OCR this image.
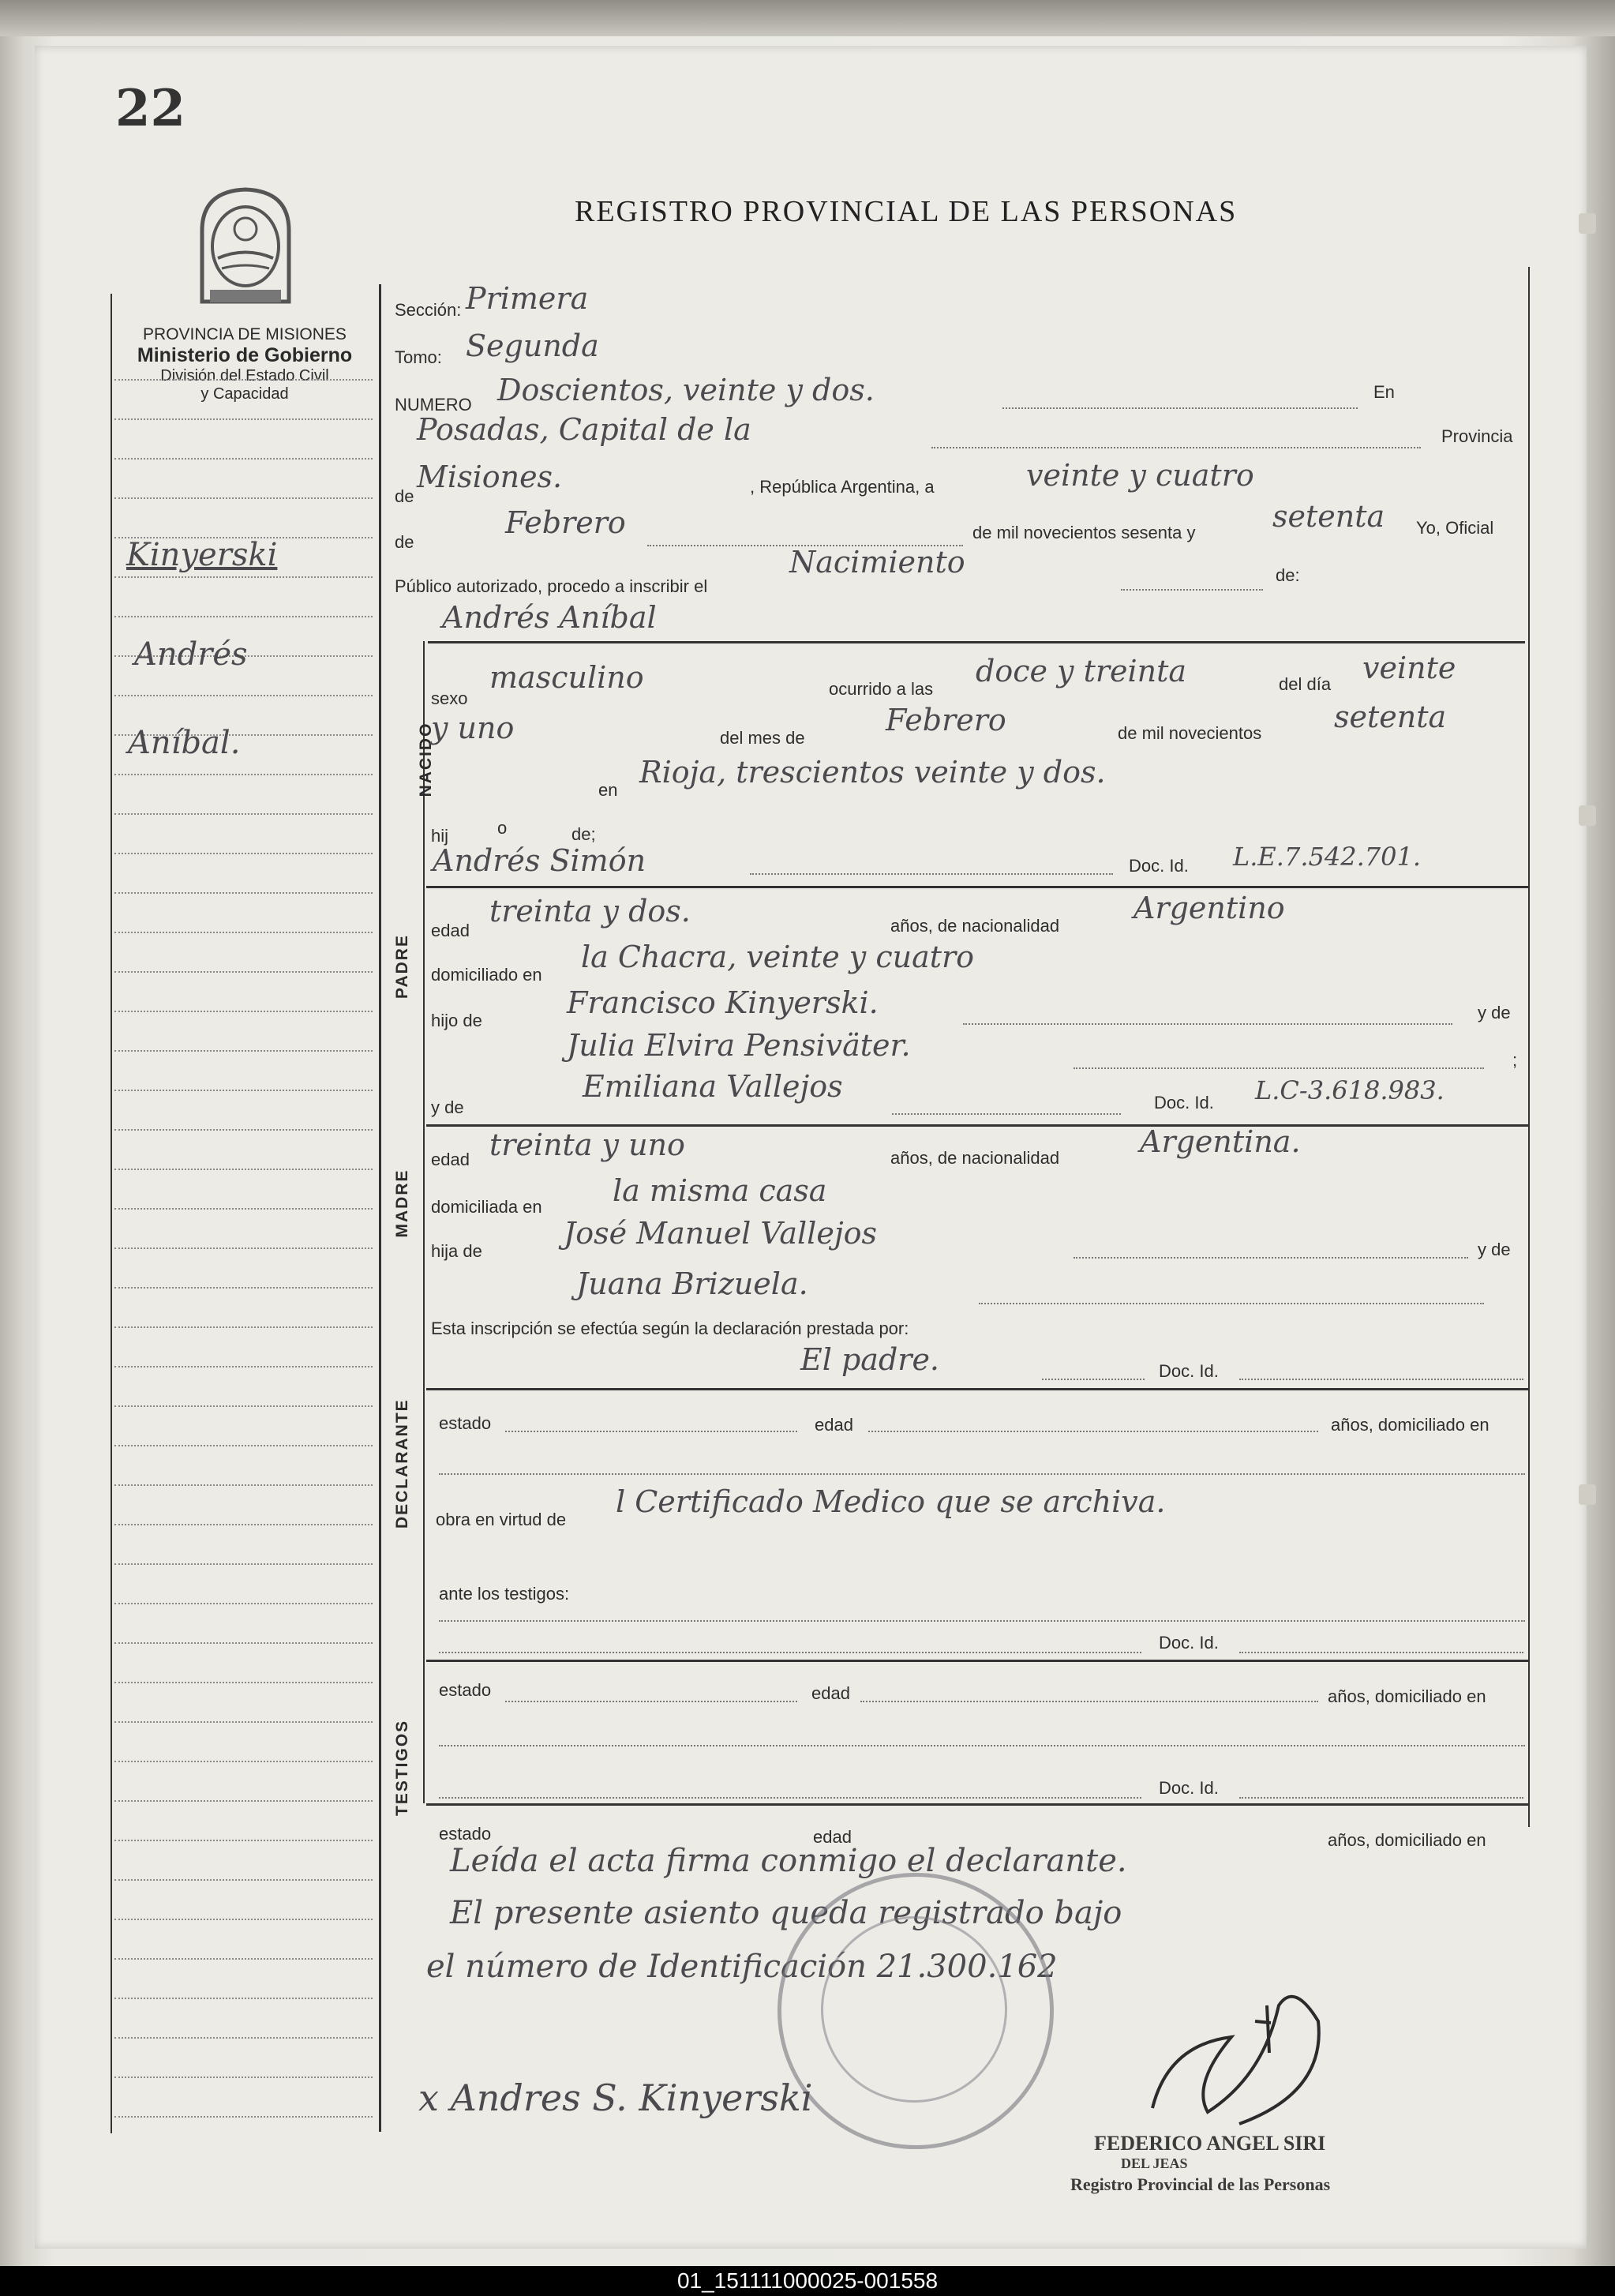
22
REGISTRO PROVINCIAL DE LAS PERSONAS
PROVINCIA DE MISIONES
Ministerio de Gobierno
División del Estado Civil
y Capacidad
Kinyerski
Andrés
Aníbal.
Sección: Primera
Tomo: Segunda
NUMERO Doscientos, veinte y dos.	En
Posadas, Capital de la	Provincia
de
Misiones.	, República Argentina, a	veinte y cuatro
de
Febrero	de mil novecientos sesenta y	setenta Yo, Oficial
Público autorizado, procedo a inscribir el
Nacimiento	de:
Andrés Aníbal
NACIDO
sexo
masculino	ocurrido a las
doce y treinta	del día veinte
y uno	del mes de
Febrero	de mil novecientos setenta
en
Rioja, trescientos veinte y dos.
hij	o	de;
Andrés Simón	Doc. Id. L.E.7.542.701.
PADRE
edad
treinta y dos.	años, de nacionalidad
Argentino
domiciliado en
la Chacra, veinte y cuatro
hijo de
Francisco Kinyerski.	y de
Julia Elvira Pensiväter.	;
y de
Emiliana Vallejos	Doc. Id. L.C-3.618.983.
MADRE
edad treinta y uno	años, de nacionalidad	Argentina.
domiciliada en la misma casa
hija de
José Manuel Vallejos	y de
Juana Brizuela.
Esta inscripción se efectúa según la declaración prestada por:
El padre.	Doc. Id.
DECLARANTE estado	edad	años, domiciliado en
obra en virtud de
l Certificado Medico que se archiva.
ante los testigos:
Doc. Id.
TESTIGOS
estado	edad	años, domiciliado en
Doc. Id.
estado	edad	años, domiciliado en
Leída el acta firma conmigo el declarante.
El presente asiento queda registrado bajo
el número de Identificación 21.300.162
x Andres S. Kinyerski
FEDERICO ANGEL SIRI
DEL JEAS
Registro Provincial de las Personas
01_151111000025-001558
